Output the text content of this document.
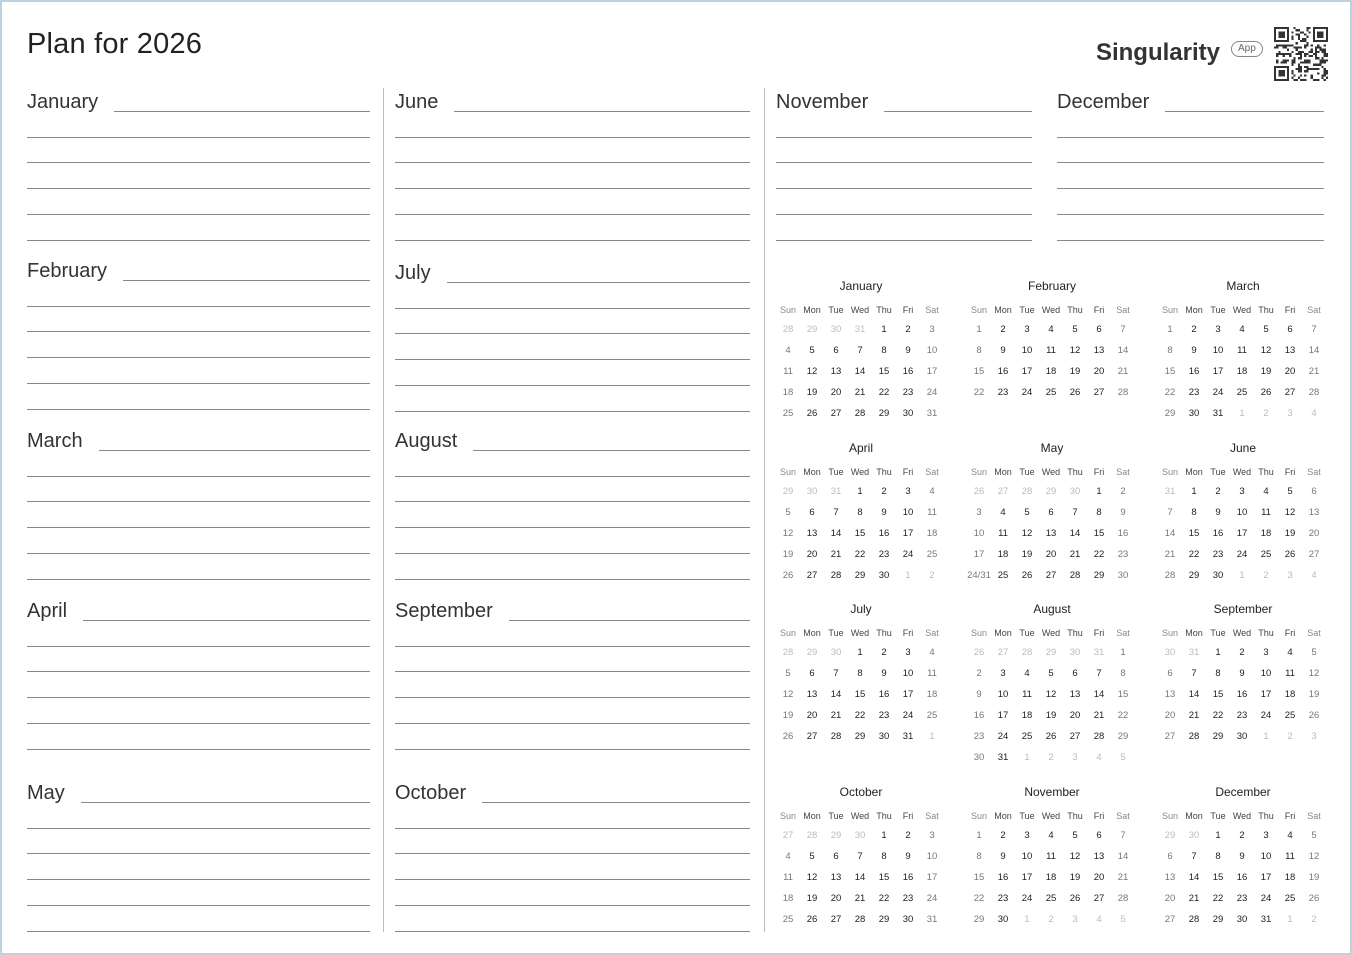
Plan for 2026	Singularity	App
January
February
March
April
May
June
July
August
September
October
November	December
January
Sun Mon Tue Wed Thu	Fri	Sat
28	29	30	31	1	2	3
4	5	6	7	8	9	10
11	12	13	14	15	16	17
18	19	20	21	22	23	24
25	26	27	28	29	30	31
February
Sun Mon Tue Wed Thu	Fri	Sat
1	2	3	4	5	6	7
8	9	10	11	12	13	14
15	16	17	18	19	20	21
22	23	24	25	26	27	28
March
Sun Mon Tue Wed Thu	Fri	Sat
1	2	3	4	5	6	7
8	9	10	11	12	13	14
15	16	17	18	19	20	21
22	23	24	25	26	27	28
29	30	31	1	2	3	4
April
Sun Mon Tue Wed Thu	Fri	Sat
29	30	31	1	2	3	4
5	6	7	8	9	10	11
12	13	14	15	16	17	18
19	20	21	22	23	24	25
26	27	28	29	30	1	2
May
Sun Mon Tue Wed Thu	Fri	Sat
26	27	28	29	30	1	2
3	4	5	6	7	8	9
10	11	12	13	14	15	16
17	18	19	20	21	22	23
24/31 25	26	27	28	29	30
June
Sun Mon Tue Wed Thu	Fri	Sat
31	1	2	3	4	5	6
7	8	9	10	11	12	13
14	15	16	17	18	19	20
21	22	23	24	25	26	27
28	29	30	1	2	3	4
July
Sun Mon Tue Wed Thu	Fri	Sat
28	29	30	1	2	3	4
5	6	7	8	9	10	11
12	13	14	15	16	17	18
19	20	21	22	23	24	25
26	27	28	29	30	31	1
August
Sun Mon Tue Wed Thu	Fri	Sat
26	27	28	29	30	31	1
2	3	4	5	6	7	8
9	10	11	12	13	14	15
16	17	18	19	20	21	22
23	24	25	26	27	28	29
30	31	1	2	3	4	5
September
Sun Mon Tue Wed Thu	Fri	Sat
30	31	1	2	3	4	5
6	7	8	9	10	11	12
13	14	15	16	17	18	19
20	21	22	23	24	25	26
27	28	29	30	1	2	3
October
Sun Mon Tue Wed Thu	Fri	Sat
27	28	29	30	1	2	3
4	5	6	7	8	9	10
11	12	13	14	15	16	17
18	19	20	21	22	23	24
25	26	27	28	29	30	31
November
Sun Mon Tue Wed Thu	Fri	Sat
1	2	3	4	5	6	7
8	9	10	11	12	13	14
15	16	17	18	19	20	21
22	23	24	25	26	27	28
29	30	1	2	3	4	5
December
Sun Mon Tue Wed Thu	Fri	Sat
29	30	1	2	3	4	5
6	7	8	9	10	11	12
13	14	15	16	17	18	19
20	21	22	23	24	25	26
27	28	29	30	31	1	2
